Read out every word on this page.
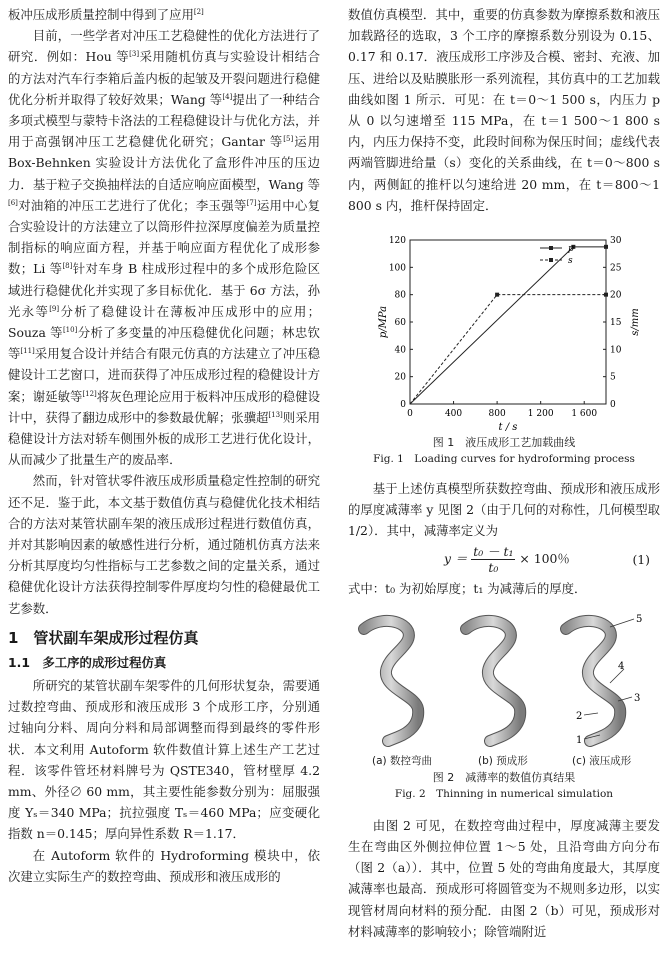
板冲压成形质量控制中得到了应用[2]

目前，一些学者对冲压工艺稳健性的优化方法进行了研究．例如：Hou 等[3]采用随机仿真与实验设计相结合的方法对汽车行李箱后盖内板的起皱及开裂问题进行稳健优化分析并取得了较好效果；Wang 等[4]提出了一种结合多项式模型与蒙特卡洛法的工程稳健设计与优化方法，并用于高强钢冲压工艺稳健优化研究；Gantar 等[5]运用 Box-Behnken 实验设计方法优化了盒形件冲压的压边力．基于粒子交换抽样法的自适应响应面模型，Wang 等[6]对油箱的冲压工艺进行了优化；李玉强等[7]运用中心复合实验设计的方法建立了以筒形件拉深厚度偏差为质量控制指标的响应面方程，并基于响应面方程优化了成形参数；Li 等[8]针对车身 B 柱成形过程中的多个成形危险区域进行稳健优化并实现了多目标优化．基于 6σ 方法，孙光永等[9]分析了稳健设计在薄板冲压成形中的应用；Souza 等[10]分析了多变量的冲压稳健优化问题；林忠钦等[11]采用复合设计并结合有限元仿真的方法建立了冲压稳健设计工艺窗口，进而获得了冲压成形过程的稳健设计方案；谢延敏等[12]将灰色理论应用于板料冲压成形的稳健设计中，获得了翻边成形中的参数最优解；张骥超[13]则采用稳健设计方法对轿车侧围外板的成形工艺进行优化设计，从而减少了批量生产的废品率．

然而，针对管状零件液压成形质量稳定性控制的研究还不足．鉴于此，本文基于数值仿真与稳健优化技术相结合的方法对某管状副车架的液压成形过程进行数值仿真，并对其影响因素的敏感性进行分析，通过随机仿真方法来分析其厚度均匀性指标与工艺参数之间的定量关系，通过稳健优化设计方法获得控制零件厚度均匀性的稳健最优工艺参数．

1　管状副车架成形过程仿真
1.1　多工序的成形过程仿真

所研究的某管状副车架零件的几何形状复杂，需要通过数控弯曲、预成形和液压成形 3 个成形工序，分别通过轴向分料、周向分料和局部调整而得到最终的零件形状．本文利用 Autoform 软件数值计算上述生产工艺过程．该零件管坯材料牌号为 QSTE340，管材壁厚 4.2 mm、外径∅ 60 mm，其主要性能参数分别为：屈服强度 Yₛ＝340 MPa；抗拉强度 Tₛ＝460 MPa；应变硬化指数 n＝0.145；厚向异性系数 R＝1.17．

在 Autoform 软件的 Hydroforming 模块中，依次建立实际生产的数控弯曲、预成形和液压成形的

数值仿真模型．其中，重要的仿真参数为摩擦系数和液压加载路径的选取，3 个工序的摩擦系数分别设为 0.15、0.17 和 0.17．液压成形工序涉及合模、密封、充液、加压、进给以及贴膜胀形一系列流程，其仿真中的工艺加载曲线如图 1 所示．可见：在 t＝0～1 500 s，内压力 p 从 0 以匀速增至 115 MPa，在 t＝1 500～1 800 s 内，内压力保持不变，此段时间称为保压时间；虚线代表两端管脚进给量（s）变化的关系曲线，在 t＝0～800 s 内，两侧缸的推杆以匀速给进 20 mm，在 t＝800～1 800 s 内，推杆保持固定．

0	400	800 1 200 1 600
0
20
40
60
80
100
120
0
5
10
15
20
25
30
t / s
p/MPa	s/mm
p
s

图 1　液压成形工艺加载曲线

Fig. 1　Loading curves for hydroforming process

基于上述仿真模型所获数控弯曲、预成形和液压成形的厚度减薄率 y 见图 2（由于几何的对称性，几何模型取 1/2）．其中，减薄率定义为

$y = \frac{\text{t₀ － t₁}}{\text{t₀}} \times 100$％	(1)

式中：t₀ 为初始厚度；t₁ 为减薄后的厚度．

5
4
3
2
1
(a) 数控弯曲	(b) 预成形	(c) 液压成形

图 2　减薄率的数值仿真结果

Fig. 2　Thinning in numerical simulation

由图 2 可见，在数控弯曲过程中，厚度减薄主要发生在弯曲区外侧拉伸位置 1～5 处，且沿弯曲方向分布（图 2（a））．其中，位置 5 处的弯曲角度最大，其厚度减薄率也最高．预成形可将圆管变为不规则多边形，以实现管材周向材料的预分配．由图 2（b）可见，预成形对材料减薄率的影响较小；除管端附近
